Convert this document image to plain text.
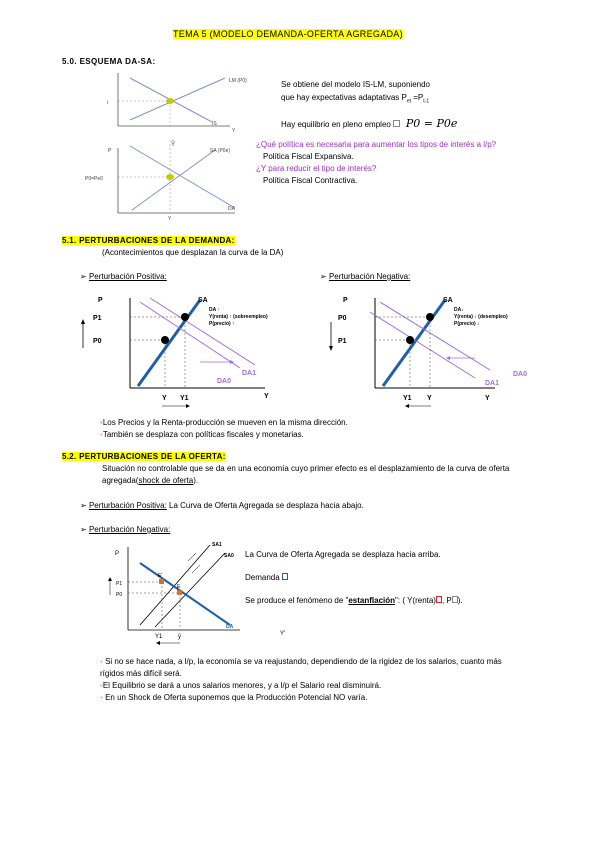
TEMA 5 (MODELO DEMANDA-OFERTA AGREGADA)
5.0. ESQUEMA DA-SA:
LM (P0)
IS
i
Y
Ȳ
SA (P0e)
P
P0=Pe0
DA
Y
Se obtiene del modelo IS-LM, suponiendo
que hay expectativas adaptativas $P_{et} =P_{t-1}$
Hay equilibrio en pleno empleo P0 = P0e
¿Qué política es necesaria para aumentar los tipos de interés a l/p?
Política Fiscal Expansiva.
¿Y para reducir el tipo de interés?
Política Fiscal Contractiva.
5.1. PERTURBACIONES DE LA DEMANDA:
(Acontecimientos que desplazan la curva de la DA)
➢ Perturbación Positiva:	➢ Perturbación Negativa:
P
Y
P1
P0
SA
DA1
DA0
Y Y1
DA ↑
Y(renta) ↑ (sobreempleo)
P(precio) ↑
P
Y
P0
P1
SA
DA1
DA0
Y1 Y
DA↓
Y(renta) ↓ (desempleo)
P(precio) ↓
◦Los Precios y la Renta-producción se mueven en la misma dirección.
◦También se desplaza con políticas fiscales y monetarias.
5.2. PERTURBACIONES DE LA OFERTA:
Situación no controlable que se da en una economía cuyo primer efecto es el desplazamiento de la curva de oferta
agregada(shock de oferta).
➢ Perturbación Positiva: La Curva de Oferta Agregada se desplaza hacia abajo.
➢ Perturbación Negativa:
P
Y'
SA1
SA0
P1
P0
E'
E
Y1	ȳ
DA
La Curva de Oferta Agregada se desplaza hacia arriba.
Demanda
Se produce el fenómeno de "estanflación": ( Y(renta) , P ).
◦ Si no se hace nada, a l/p, la economía se va reajustando, dependiendo de la rigidez de los salarios, cuanto más
rígidos más difícil será.
◦El Equilibrio se dará a unos salarios menores, y a l/p el Salario real disminuirá.
◦ En un Shock de Oferta suponemos que la Producción Potencial NO varía.
